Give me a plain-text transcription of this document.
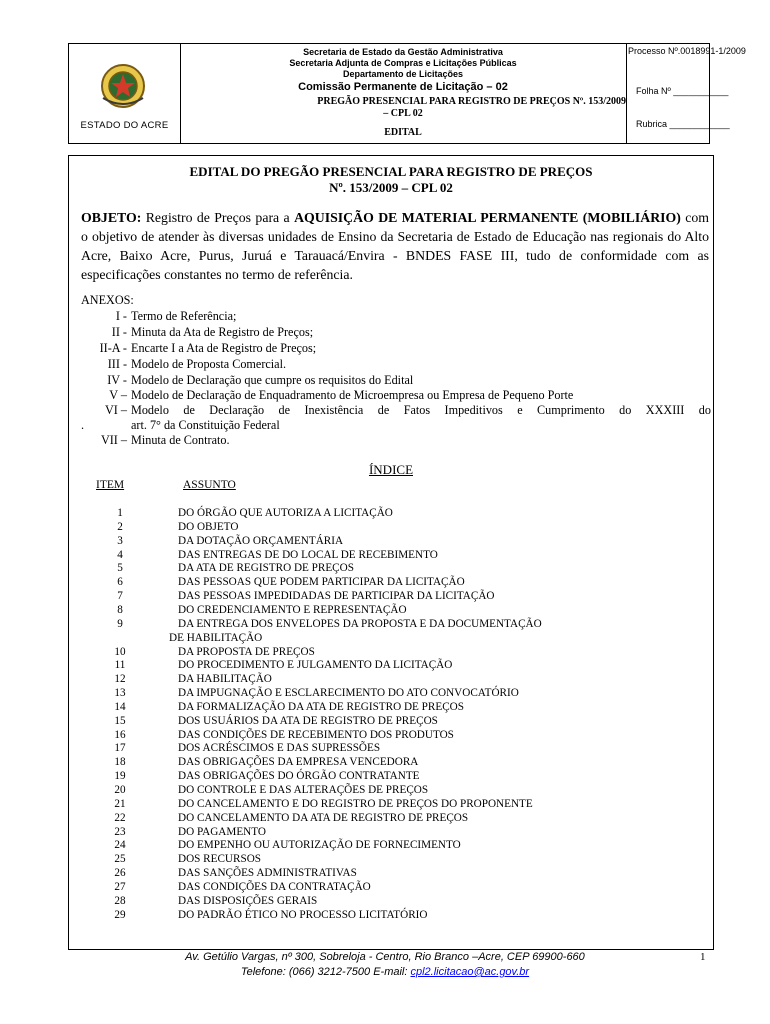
ESTADO DO ACRE
Secretaria de Estado da Gestão Administrativa
Secretaria Adjunta de Compras e Licitações Públicas
Departamento de Licitações
Comissão Permanente de Licitação – 02
PREGÃO PRESENCIAL PARA REGISTRO DE PREÇOS Nº. 153/2009
– CPL 02
EDITAL
Processo Nº.0018991-1/2009
Folha Nº ___________
Rubrica ____________
EDITAL DO PREGÃO PRESENCIAL PARA REGISTRO DE PREÇOS
Nº. 153/2009 – CPL 02
OBJETO: Registro de Preços para a AQUISIÇÃO DE MATERIAL PERMANENTE (MOBILIÁRIO) com o objetivo de atender às diversas unidades de Ensino da Secretaria de Estado de Educação nas regionais do Alto Acre, Baixo Acre, Purus, Juruá e Tarauacá/Envira - BNDES FASE III, tudo de conformidade com as especificações constantes no termo de referência.
ANEXOS:
I - Termo de Referência;
II - Minuta da Ata de Registro de Preços;
II-A - Encarte I a Ata de Registro de Preços;
III - Modelo de Proposta Comercial.
IV - Modelo de Declaração que cumpre os requisitos do Edital
V – Modelo de Declaração de Enquadramento de Microempresa ou Empresa de Pequeno Porte
VI – Modelo de Declaração de Inexistência de Fatos Impeditivos e Cumprimento do XXXIII do
.	art. 7° da Constituição Federal
VII – Minuta de Contrato.
ÍNDICE
ITEM	ASSUNTO
1	DO ÓRGÃO QUE AUTORIZA A LICITAÇÃO
2	DO OBJETO
3	DA DOTAÇÃO ORÇAMENTÁRIA
4	DAS ENTREGAS DE DO LOCAL DE RECEBIMENTO
5	DA ATA DE REGISTRO DE PREÇOS
6	DAS PESSOAS QUE PODEM PARTICIPAR DA LICITAÇÃO
7	DAS PESSOAS IMPEDIDADAS DE PARTICIPAR DA LICITAÇÃO
8	DO CREDENCIAMENTO E REPRESENTAÇÃO
9	DA ENTREGA DOS ENVELOPES DA PROPOSTA E DA DOCUMENTAÇÃO
DE HABILITAÇÃO
10	DA PROPOSTA DE PREÇOS
11	DO PROCEDIMENTO E JULGAMENTO DA LICITAÇÃO
12	DA HABILITAÇÃO
13	DA IMPUGNAÇÃO E ESCLARECIMENTO DO ATO CONVOCATÓRIO
14	DA FORMALIZAÇÃO DA ATA DE REGISTRO DE PREÇOS
15	DOS USUÁRIOS DA ATA DE REGISTRO DE PREÇOS
16	DAS CONDIÇÕES DE RECEBIMENTO DOS PRODUTOS
17	DOS ACRÉSCIMOS E DAS SUPRESSÕES
18	DAS OBRIGAÇÕES DA EMPRESA VENCEDORA
19	DAS OBRIGAÇÕES DO ÓRGÃO CONTRATANTE
20	DO CONTROLE E DAS ALTERAÇÕES DE PREÇOS
21	DO CANCELAMENTO E DO REGISTRO DE PREÇOS DO PROPONENTE
22	DO CANCELAMENTO DA ATA DE REGISTRO DE PREÇOS
23	DO PAGAMENTO
24	DO EMPENHO OU AUTORIZAÇÃO DE FORNECIMENTO
25	DOS RECURSOS
26	DAS SANÇÕES ADMINISTRATIVAS
27	DAS CONDIÇÕES DA CONTRATAÇÃO
28	DAS DISPOSIÇÕES GERAIS
29	DO PADRÃO ÉTICO NO PROCESSO LICITATÓRIO
Av. Getúlio Vargas, nº 300, Sobreloja - Centro, Rio Branco –Acre, CEP 69900-660
Telefone: (066) 3212-7500 E-mail: cpl2.licitacao@ac.gov.br
1
